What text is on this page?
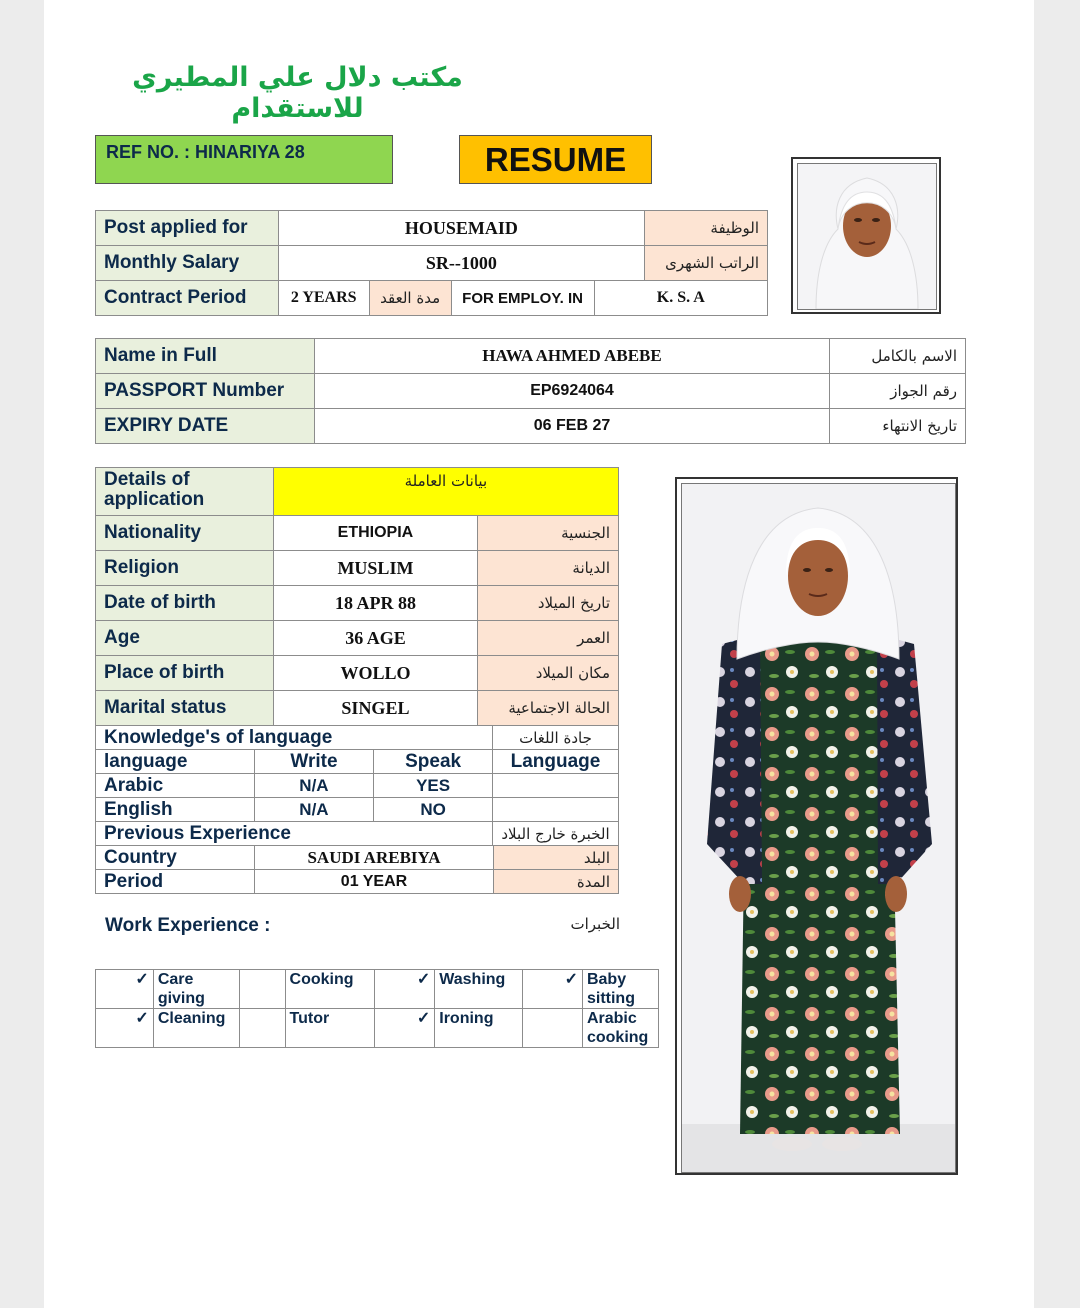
مكتب دلال علي المطيري للاستقدام
REF NO. : HINARIYA 28	RESUME
Post applied for	HOUSEMAID				الوظيفة
Monthly Salary	SR--1000				الراتب الشهرى
Contract Period	2 YEARS	مدة العقد	FOR EMPLOY. IN	K. S. A	
Name in Full	HAWA AHMED ABEBE	الاسم بالكامل
PASSPORT Number	EP6924064	رقم الجواز
EXPIRY DATE	06 FEB 27	تاريخ الانتهاء
Details of application	بيانات العاملة	
Nationality	ETHIOPIA	الجنسية
Religion	MUSLIM	الديانة
Date of birth	18 APR 88	تاريخ الميلاد
Age	36 AGE	العمر
Place of birth	WOLLO	مكان الميلاد
Marital status	SINGEL	الحالة الاجتماعية
Knowledge's of language			جادة اللغات
language	Write	Speak	Language
Arabic	N/A	YES	
English	N/A	NO	
Previous Experience			الخبرة خارج البلاد
Country	SAUDI AREBIYA	البلد
Period	01 YEAR	المدة
Work Experience :	الخبرات
✓	Care giving		Cooking	✓	Washing	✓	Baby sitting
✓	Cleaning		Tutor	✓	Ironing		Arabic cooking
